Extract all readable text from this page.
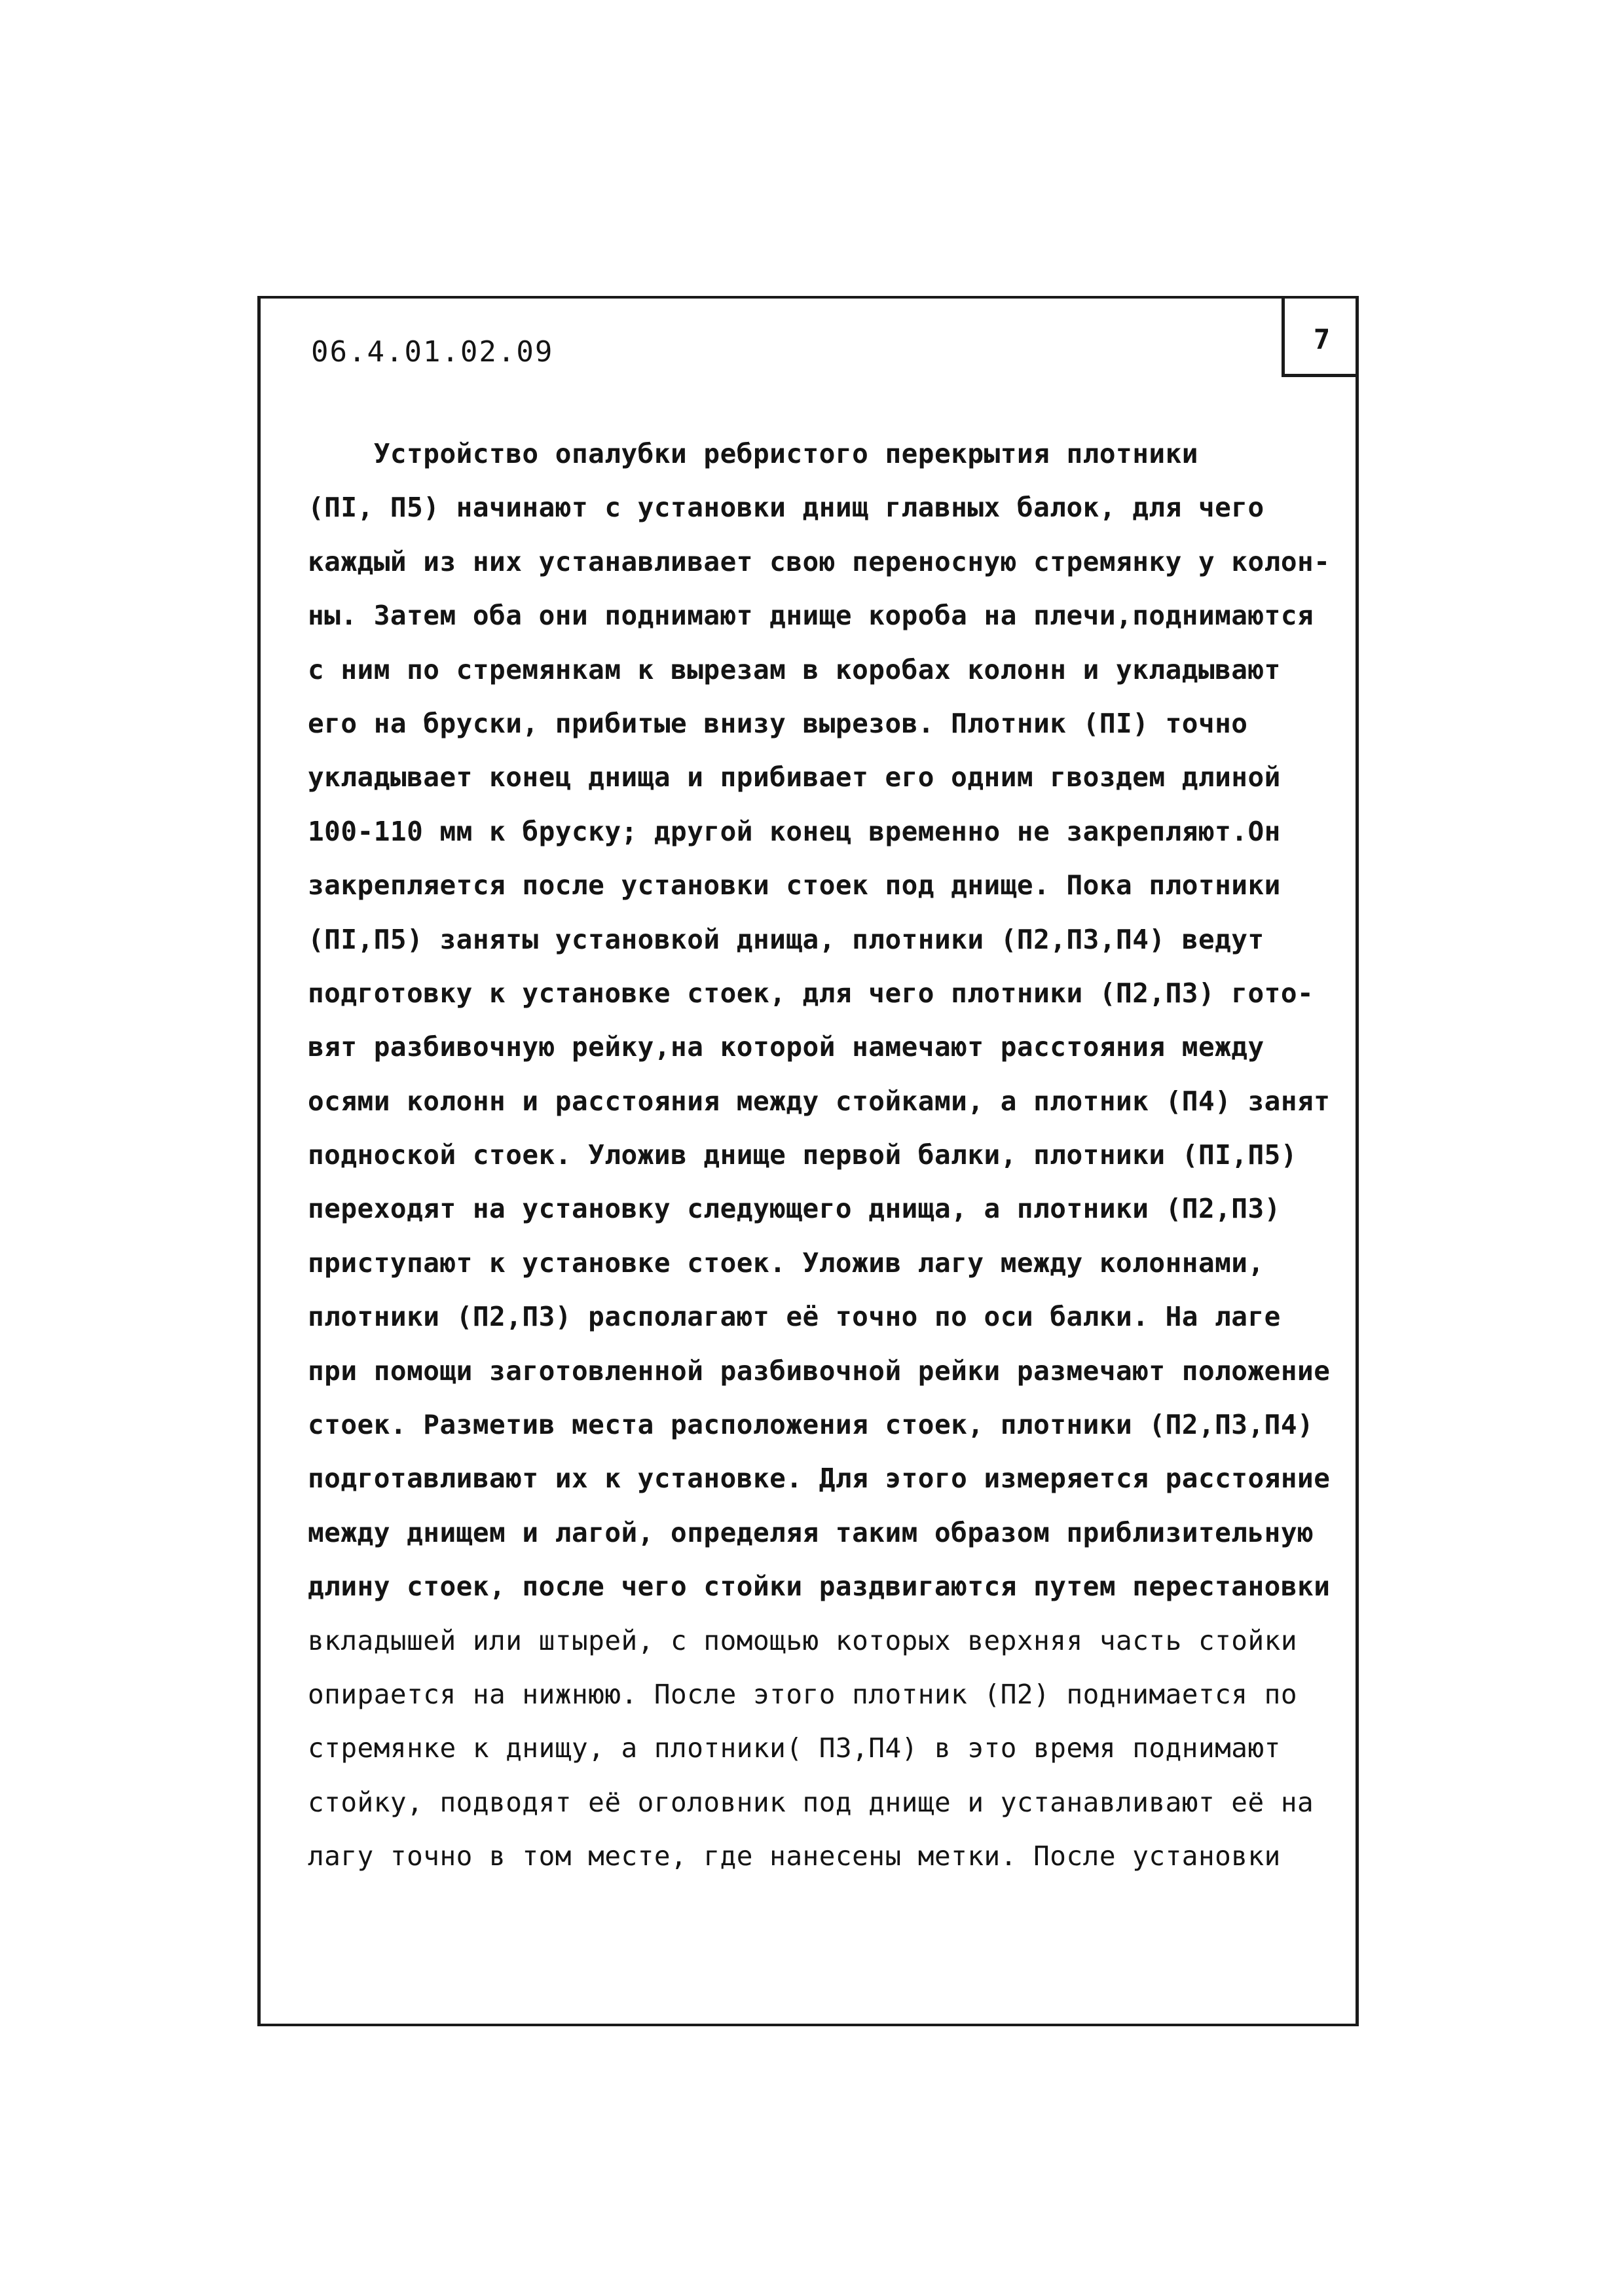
06.4.01.02.09	7
Устройство опалубки ребристого перекрытия плотники
(ПI, П5) начинают с установки днищ главных балок, для чего
каждый из них устанавливает свою переносную стремянку у колон-
ны. Затем оба они поднимают днище короба на плечи,поднимаются
с ним по стремянкам к вырезам в коробах колонн и укладывают
его на бруски, прибитые внизу вырезов. Плотник (ПI) точно
укладывает конец днища и прибивает его одним гвоздем длиной
100-110 мм к бруску; другой конец временно не закрепляют.Он
закрепляется после установки стоек под днище. Пока плотники
(ПI,П5) заняты установкой днища, плотники (П2,П3,П4) ведут
подготовку к установке стоек, для чего плотники (П2,П3) гото-
вят разбивочную рейку,на которой намечают расстояния между
осями колонн и расстояния между стойками, а плотник (П4) занят
подноской стоек. Уложив днище первой балки, плотники (ПI,П5)
переходят на установку следующего днища, а плотники (П2,П3)
приступают к установке стоек. Уложив лагу между колоннами,
плотники (П2,П3) располагают её точно по оси балки. На лаге
при помощи заготовленной разбивочной рейки размечают положение
стоек. Разметив места расположения стоек, плотники (П2,П3,П4)
подготавливают их к установке. Для этого измеряется расстояние
между днищем и лагой, определяя таким образом приблизительную
длину стоек, после чего стойки раздвигаются путем перестановки
вкладышей или штырей, с помощью которых верхняя часть стойки
опирается на нижнюю. После этого плотник (П2) поднимается по
стремянке к днищу, а плотники( П3,П4) в это время поднимают
стойку, подводят её оголовник под днище и устанавливают её на
лагу точно в том месте, где нанесены метки. После установки
